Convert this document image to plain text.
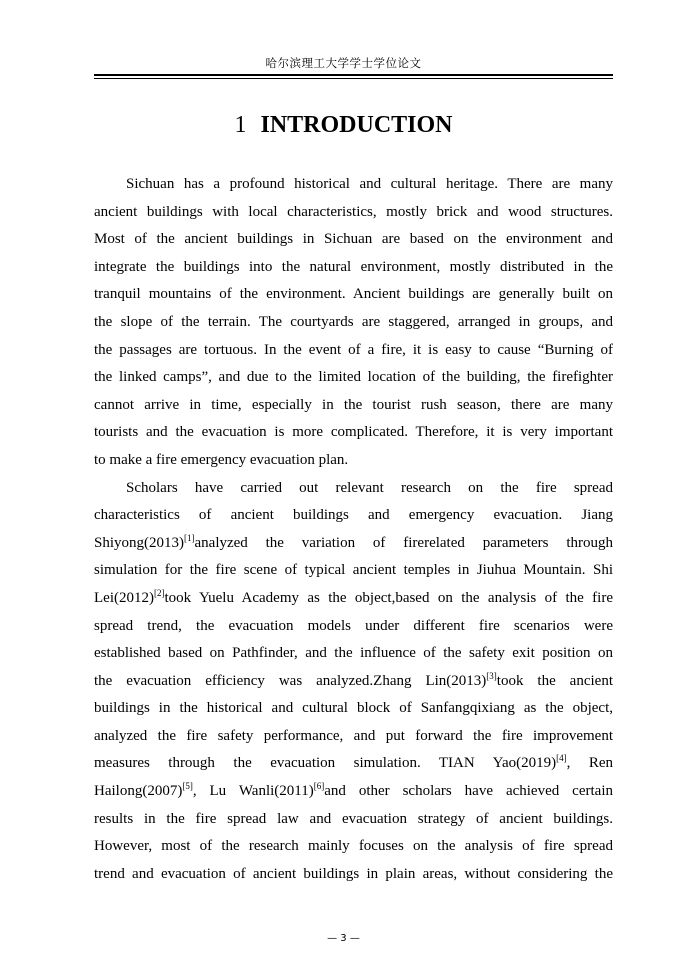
哈尔滨理工大学学士学位论文
1 INTRODUCTION
Sichuan has a profound historical and cultural heritage. There are many
ancient buildings with local characteristics, mostly brick and wood structures.
Most of the ancient buildings in Sichuan are based on the environment and
integrate the buildings into the natural environment, mostly distributed in the
tranquil mountains of the environment. Ancient buildings are generally built on
the slope of the terrain. The courtyards are staggered, arranged in groups, and
the passages are tortuous. In the event of a fire, it is easy to cause “Burning of
the linked camps”, and due to the limited location of the building, the firefighter
cannot arrive in time, especially in the tourist rush season, there are many
tourists and the evacuation is more complicated. Therefore, it is very important
to make a fire emergency evacuation plan.
Scholars have carried out relevant research on the fire spread
characteristics of ancient buildings and emergency evacuation. Jiang
Shiyong(2013)[1]analyzed the variation of firerelated parameters through
simulation for the fire scene of typical ancient temples in Jiuhua Mountain. Shi
Lei(2012)[2]took Yuelu Academy as the object,based on the analysis of the fire
spread trend, the evacuation models under different fire scenarios were
established based on Pathfinder, and the influence of the safety exit position on
the evacuation efficiency was analyzed.Zhang Lin(2013)[3]took the ancient
buildings in the historical and cultural block of Sanfangqixiang as the object,
analyzed the fire safety performance, and put forward the fire improvement
measures through the evacuation simulation. TIAN Yao(2019)[4], Ren
Hailong(2007)[5], Lu Wanli(2011)[6]and other scholars have achieved certain
results in the fire spread law and evacuation strategy of ancient buildings.
However, most of the research mainly focuses on the analysis of fire spread
trend and evacuation of ancient buildings in plain areas, without considering the
— 3 —
